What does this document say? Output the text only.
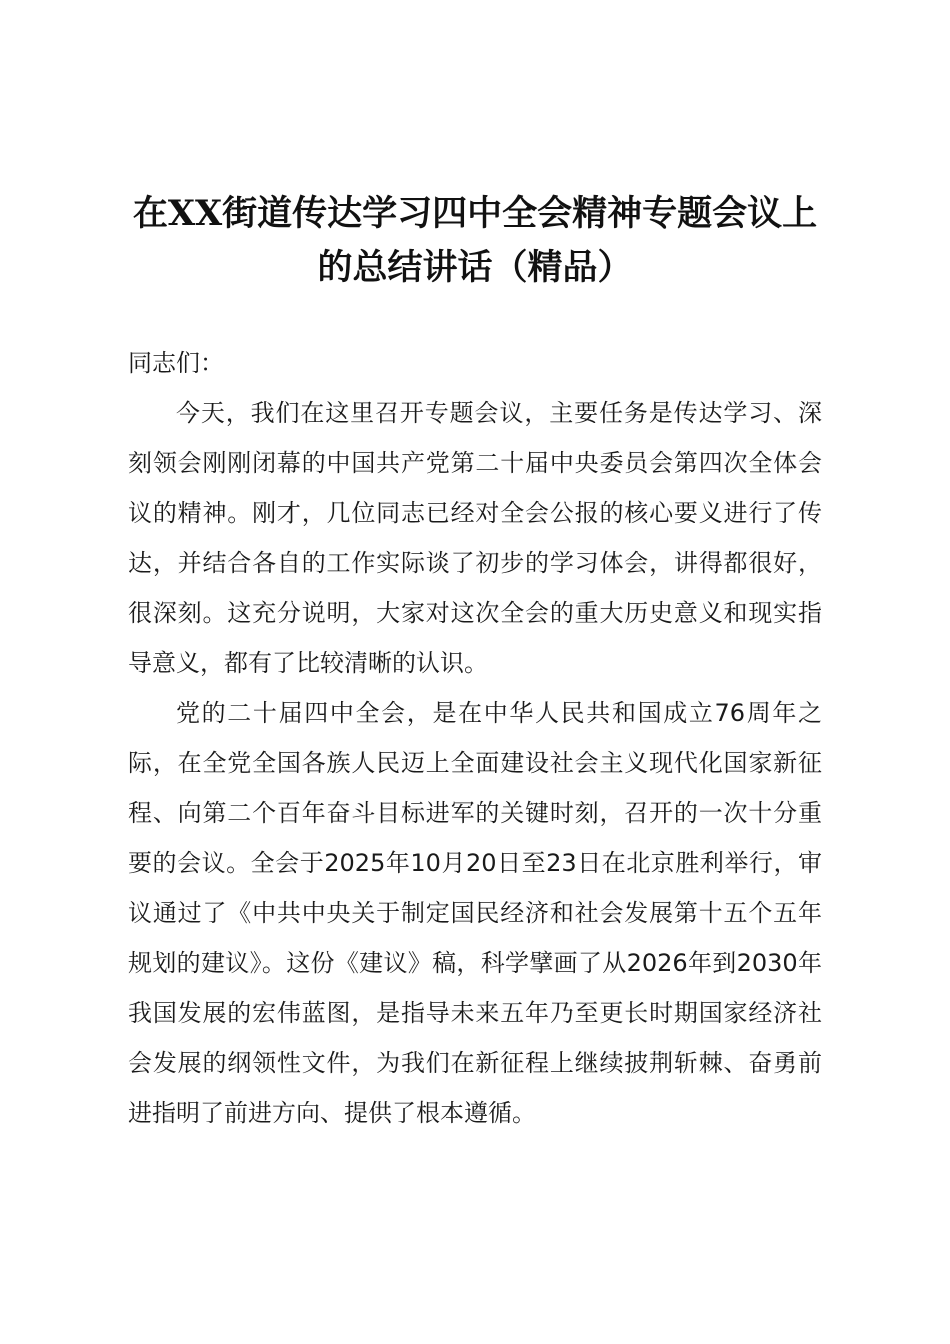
在XX街道传达学习四中全会精神专题会议上的总结讲话（精品）

同志们：

今天，我们在这里召开专题会议，主要任务是传达学习、深刻领会刚刚闭幕的中国共产党第二十届中央委员会第四次全体会议的精神。刚才，几位同志已经对全会公报的核心要义进行了传达，并结合各自的工作实际谈了初步的学习体会，讲得都很好，很深刻。这充分说明，大家对这次全会的重大历史意义和现实指导意义，都有了比较清晰的认识。

党的二十届四中全会，是在中华人民共和国成立76周年之际，在全党全国各族人民迈上全面建设社会主义现代化国家新征程、向第二个百年奋斗目标进军的关键时刻，召开的一次十分重要的会议。全会于2025年10月20日至23日在北京胜利举行，审议通过了《中共中央关于制定国民经济和社会发展第十五个五年规划的建议》。这份《建议》稿，科学擘画了从2026年到2030年我国发展的宏伟蓝图，是指导未来五年乃至更长时期国家经济社会发展的纲领性文件，为我们在新征程上继续披荆斩棘、奋勇前进指明了前进方向、提供了根本遵循。
